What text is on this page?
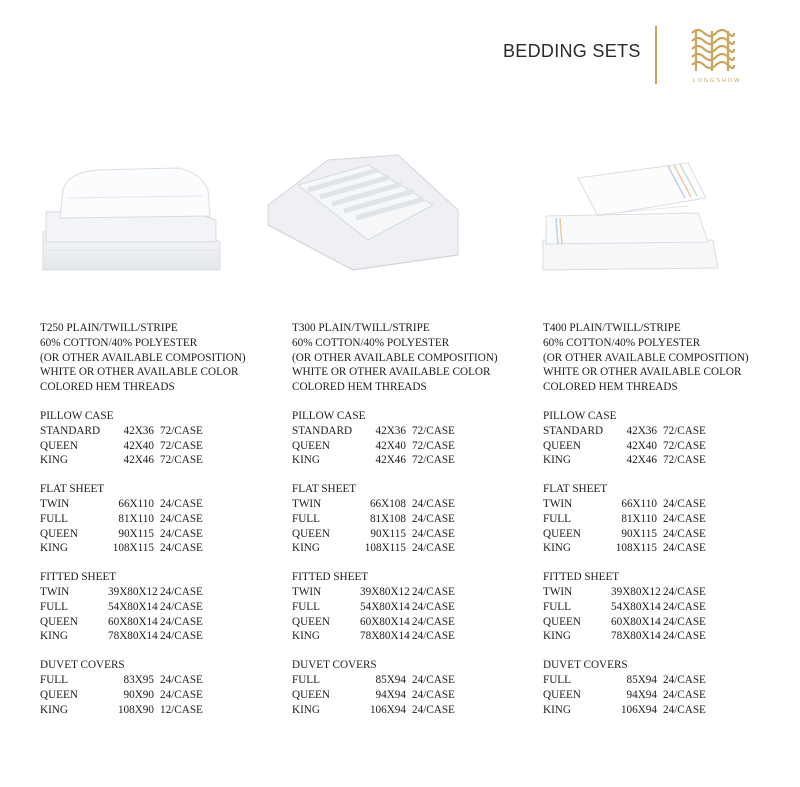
BEDDING SETS
LONGSHOW
T250 PLAIN/TWILL/STRIPE
60% COTTON/40% POLYESTER
(OR OTHER AVAILABLE COMPOSITION)
WHITE OR OTHER AVAILABLE COLOR
COLORED HEM THREADS
PILLOW CASE
STANDARD	42X36 72/CASE
QUEEN	42X40 72/CASE
KING	42X46 72/CASE
FLAT SHEET
TWIN	66X110 24/CASE
FULL	81X110 24/CASE
QUEEN	90X115 24/CASE
KING	108X115 24/CASE
FITTED SHEET
TWIN	39X80X12 24/CASE
FULL	54X80X14 24/CASE
QUEEN	60X80X14 24/CASE
KING	78X80X14 24/CASE
DUVET COVERS
FULL	83X95 24/CASE
QUEEN	90X90 24/CASE
KING	108X90 12/CASE
T300 PLAIN/TWILL/STRIPE
60% COTTON/40% POLYESTER
(OR OTHER AVAILABLE COMPOSITION)
WHITE OR OTHER AVAILABLE COLOR
COLORED HEM THREADS
PILLOW CASE
STANDARD	42X36 72/CASE
QUEEN	42X40 72/CASE
KING	42X46 72/CASE
FLAT SHEET
TWIN	66X108 24/CASE
FULL	81X108 24/CASE
QUEEN	90X115 24/CASE
KING	108X115 24/CASE
FITTED SHEET
TWIN	39X80X12 24/CASE
FULL	54X80X14 24/CASE
QUEEN	60X80X14 24/CASE
KING	78X80X14 24/CASE
DUVET COVERS
FULL	85X94 24/CASE
QUEEN	94X94 24/CASE
KING	106X94 24/CASE
T400 PLAIN/TWILL/STRIPE
60% COTTON/40% POLYESTER
(OR OTHER AVAILABLE COMPOSITION)
WHITE OR OTHER AVAILABLE COLOR
COLORED HEM THREADS
PILLOW CASE
STANDARD	42X36 72/CASE
QUEEN	42X40 72/CASE
KING	42X46 72/CASE
FLAT SHEET
TWIN	66X110 24/CASE
FULL	81X110 24/CASE
QUEEN	90X115 24/CASE
KING	108X115 24/CASE
FITTED SHEET
TWIN	39X80X12 24/CASE
FULL	54X80X14 24/CASE
QUEEN	60X80X14 24/CASE
KING	78X80X14 24/CASE
DUVET COVERS
FULL	85X94 24/CASE
QUEEN	94X94 24/CASE
KING	106X94 24/CASE
